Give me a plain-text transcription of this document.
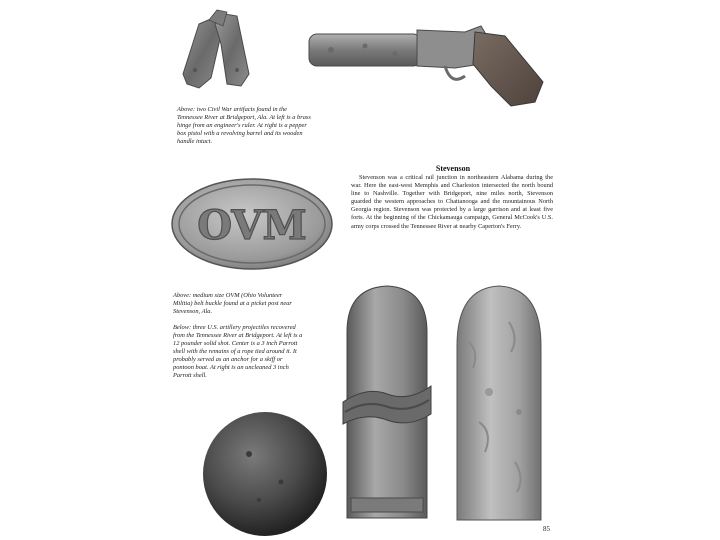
Above: two Civil War artifacts found in the
Tennessee River at Bridgeport, Ala. At left is a brass
hinge from an engineer's ruler. At right is a pepper
box pistol with a revolving barrel and its wooden
handle intact.
OVM
Stevenson
Stevenson was a critical rail junction in northeastern Alabama during the war. Here the east-west Memphis and Charleston intersected the north bound line to Nashville. Together with Bridgeport, nine miles north, Stevenson guarded the western approaches to Chattanooga and the mountainous North Georgia region. Stevenson was protected by a large garrison and at least five forts. At the beginning of the Chickamauga campaign, General McCook's U.S. army corps crossed the Tennessee River at nearby Caperton's Ferry.
Above: medium size OVM (Ohio Volunteer
Militia) belt buckle found at a picket post near
Stevenson, Ala.
Below: three U.S. artillery projectiles recovered
from the Tennessee River at Bridgeport. At left is a
12 pounder solid shot. Center is a 3 inch Parrott
shell with the remains of a rope tied around it. It
probably served as an anchor for a skiff or
pontoon boat. At right is an uncleaned 3 inch
Parrott shell.
85
